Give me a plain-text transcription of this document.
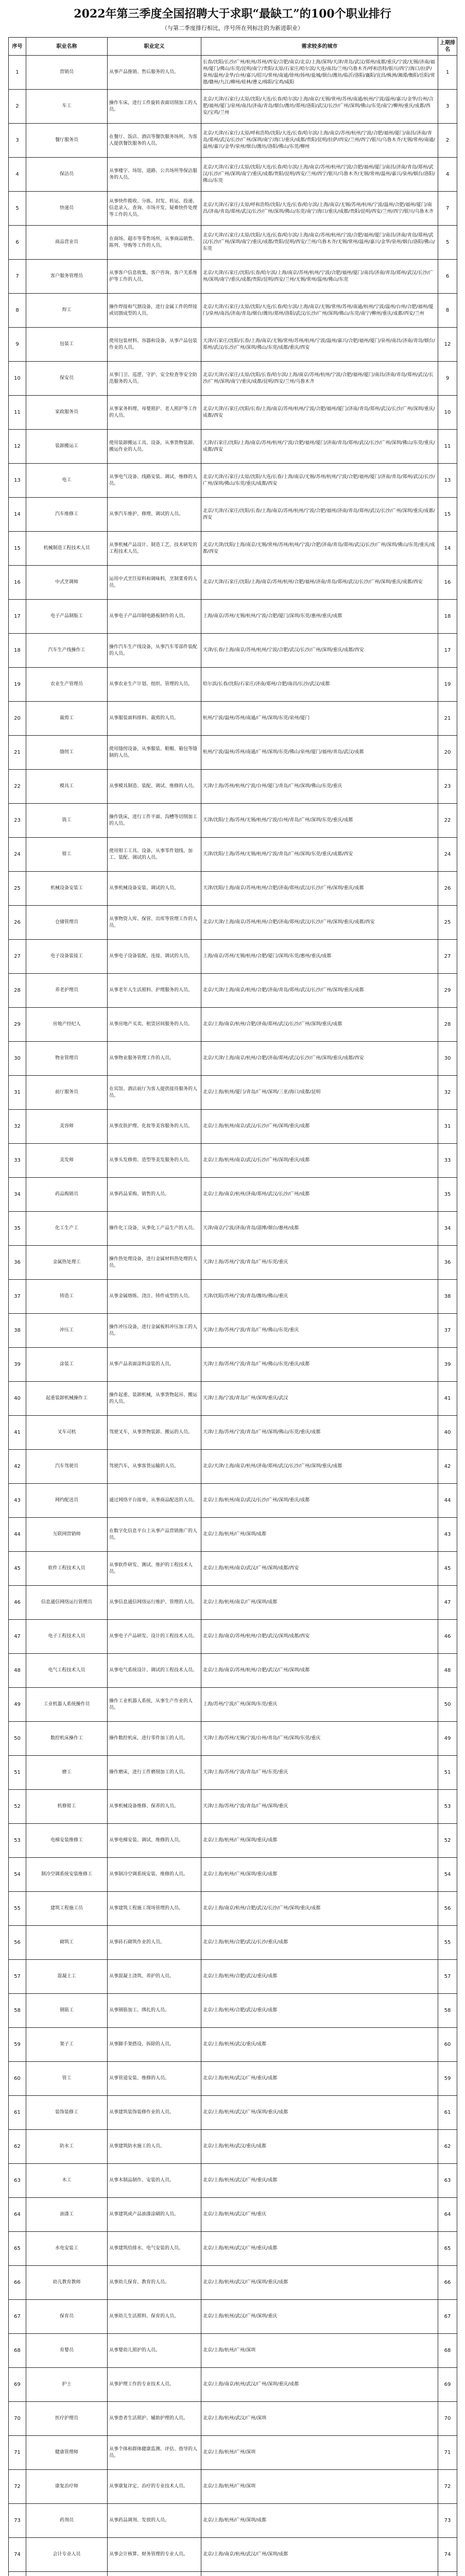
2022年第三季度全国招聘大于求职“最缺工”的100个职业排行
（与第二季度排行相比，序号所在列标注的为新进职业）
序号	职业名称	职业定义	需求较多的城市	上期排名
1	营销员	从事产品推销、售后服务的人员。	长春/沈阳/长沙/广州/杭州/苏州/西安/合肥/南京/北京/上海/深圳/天津/青岛/武汉/郑州/成都/重庆/宁波/无锡/济南/福州/厦门/佛山/东莞/昆明/南宁/贵阳/太原/石家庄/哈尔滨/大连/南昌/兰州/乌鲁木齐/呼和浩特/银川/西宁/海口/拉萨/泉州/温州/金华/台州/嘉兴/绍兴/常州/南通/徐州/扬州/盐城/烟台/潍坊/临沂/洛阳/襄阳/宜昌/株洲/湘潭/衡阳/岳阳/常德/赣州/九江/柳州/桂林/遵义/绵阳/宝鸡/咸阳	1
2	车工	操作车床，进行工件旋转表面切削加工的人员。	北京/天津/石家庄/太原/沈阳/大连/长春/哈尔滨/上海/南京/无锡/常州/苏州/南通/杭州/宁波/温州/嘉兴/金华/台州/合肥/福州/厦门/泉州/南昌/济南/青岛/烟台/潍坊/郑州/洛阳/武汉/长沙/广州/深圳/佛山/东莞/南宁/柳州/重庆/成都/西安/宝鸡/兰州	3
3	餐厅服务员	在餐厅、饭店、酒店等餐饮服务场所，为客人提供餐饮服务的人员。	北京/天津/石家庄/太原/呼和浩特/沈阳/大连/长春/哈尔滨/上海/南京/苏州/杭州/宁波/合肥/福州/厦门/南昌/济南/青岛/郑州/武汉/长沙/广州/深圳/南宁/海口/重庆/成都/贵阳/昆明/拉萨/西安/兰州/西宁/银川/乌鲁木齐/无锡/常州/南通/温州/嘉兴/金华/泉州/烟台/潍坊/洛阳/佛山/东莞/柳州	2
4	保洁员	从事楼宇、场馆、道路、公共场所等保洁服务的人员。	北京/天津/石家庄/太原/沈阳/大连/长春/哈尔滨/上海/南京/苏州/杭州/宁波/合肥/福州/厦门/南昌/济南/青岛/郑州/武汉/长沙/广州/深圳/南宁/重庆/成都/贵阳/昆明/西安/兰州/西宁/银川/乌鲁木齐/无锡/常州/温州/嘉兴/泉州/烟台/洛阳/佛山/东莞	4
5	快递员	从事快件揽收、分拣、封发、转运、投递、信息录入、查询、市场开发、疑难快件处理等工作的人员。	北京/天津/石家庄/太原/呼和浩特/沈阳/大连/长春/哈尔滨/上海/南京/无锡/苏州/杭州/宁波/温州/合肥/福州/厦门/南昌/济南/青岛/郑州/武汉/长沙/广州/深圳/佛山/东莞/南宁/海口/重庆/成都/贵阳/昆明/西安/兰州/西宁/银川/乌鲁木齐	7
6	商品营业员	在商场、超市等零售场所，从事商品销售、陈列、导购等工作的人员。	北京/天津/石家庄/太原/沈阳/大连/长春/哈尔滨/上海/南京/苏州/杭州/宁波/合肥/福州/厦门/南昌/济南/青岛/郑州/武汉/长沙/广州/深圳/南宁/重庆/成都/贵阳/昆明/西安/兰州/乌鲁木齐/无锡/常州/温州/嘉兴/金华/泉州/烟台/洛阳/佛山/东莞	5
7	客户服务管理员	从事客户信息收集、客户咨询、客户关系维护等工作的人员。	北京/天津/石家庄/沈阳/长春/哈尔滨/上海/南京/苏州/杭州/宁波/合肥/福州/厦门/南昌/济南/青岛/郑州/武汉/长沙/广州/深圳/南宁/重庆/成都/贵阳/昆明/西安/兰州/无锡/常州/温州/佛山/东莞	6
8	焊工	操作焊接和气割设备，进行金属工件的焊接或切割成型的人员。	北京/天津/石家庄/太原/沈阳/大连/长春/哈尔滨/上海/南京/无锡/常州/苏州/南通/杭州/宁波/温州/台州/合肥/福州/厦门/泉州/南昌/济南/青岛/烟台/潍坊/郑州/洛阳/武汉/长沙/广州/深圳/佛山/东莞/南宁/柳州/重庆/成都/西安/兰州	8
9	包装工	使用包装材料、容器和设备，从事产品包装作业的人员。	天津/石家庄/沈阳/长春/上海/南京/无锡/常州/苏州/杭州/宁波/温州/嘉兴/合肥/福州/厦门/泉州/南昌/济南/青岛/烟台/郑州/武汉/长沙/广州/深圳/佛山/东莞/成都/重庆/西安	12
10	保安员	从事门卫、巡逻、守护、安全检查等安全防范服务的人员。	北京/天津/石家庄/太原/沈阳/长春/哈尔滨/上海/南京/苏州/杭州/宁波/合肥/福州/厦门/南昌/济南/青岛/郑州/武汉/长沙/广州/深圳/南宁/重庆/成都/昆明/西安/兰州/乌鲁木齐	9
11	家政服务员	从事家务料理、母婴照护、老人照护等工作的人员。	北京/天津/石家庄/沈阳/长春/上海/南京/苏州/杭州/宁波/合肥/福州/厦门/济南/青岛/郑州/武汉/长沙/广州/深圳/重庆/成都/西安	10
12	装卸搬运工	使用装卸搬运工具、设备，从事货物装卸、搬运作业的人员。	天津/石家庄/沈阳/上海/南京/苏州/杭州/宁波/合肥/福州/厦门/济南/青岛/郑州/武汉/长沙/广州/深圳/佛山/东莞/重庆/成都/西安	11
13	电工	从事电气设备、线路安装、调试、维修的人员。	北京/天津/石家庄/太原/沈阳/大连/长春/上海/南京/无锡/苏州/杭州/宁波/合肥/福州/厦门/济南/青岛/郑州/武汉/长沙/广州/深圳/佛山/东莞/重庆/成都/西安	13
14	汽车维修工	从事汽车维护、修理、调试的人员。	北京/天津/石家庄/沈阳/长春/上海/南京/苏州/杭州/宁波/合肥/福州/济南/青岛/郑州/武汉/长沙/广州/深圳/重庆/成都/西安	15
15	机械制造工程技术人员	从事机械产品设计、制造工艺、技术研发的工程技术人员。	北京/天津/沈阳/上海/南京/无锡/常州/苏州/杭州/宁波/合肥/济南/青岛/郑州/武汉/长沙/广州/深圳/佛山/东莞/重庆/成都/西安	14
16	中式烹调师	运用中式烹饪原料和调味料，烹制菜肴的人员。	北京/天津/石家庄/沈阳/上海/南京/苏州/杭州/合肥/福州/济南/青岛/郑州/武汉/长沙/广州/深圳/重庆/成都/西安	16
17	电子产品制版工	从事电子产品印制电路板制作的人员。	上海/南京/苏州/无锡/杭州/宁波/合肥/厦门/深圳/东莞/惠州/重庆/成都	18
18	汽车生产线操作工	操作汽车生产线设备，从事汽车零部件装配的人员。	天津/长春/上海/南京/苏州/杭州/宁波/合肥/武汉/长沙/广州/深圳/重庆/成都/西安	17
19	农业生产管理员	从事农业生产计划、组织、管理的人员。	哈尔滨/长春/沈阳/石家庄/济南/郑州/合肥/南昌/长沙/武汉/成都	19
20	裁剪工	从事服装面料排料、裁剪的人员。	杭州/宁波/温州/苏州/南通/广州/深圳/东莞/泉州/厦门	21
21	缝纫工	使用缝纫设备，从事服装、鞋帽、箱包等缝制的人员。	杭州/宁波/温州/苏州/南通/广州/深圳/东莞/佛山/泉州/厦门/福州/青岛/武汉/成都	20
22	模具工	从事模具制造、装配、调试、维修的人员。	天津/上海/苏州/杭州/宁波/台州/厦门/青岛/广州/深圳/佛山/东莞/重庆	23
23	铣工	操作铣床，进行工件平面、沟槽等切削加工的人员。	天津/沈阳/上海/苏州/无锡/杭州/宁波/台州/青岛/广州/深圳/东莞/重庆/成都	22
24	钳工	使用钳工工具、设备，从事零件划线、加工、装配、调试的人员。	天津/沈阳/上海/苏州/无锡/杭州/宁波/青岛/广州/深圳/东莞/重庆/成都/西安	24
25	机械设备安装工	从事机械设备安装、调试的人员。	天津/沈阳/上海/南京/苏州/杭州/合肥/济南/郑州/武汉/长沙/广州/深圳/重庆/成都	26
26	仓储管理员	从事物资入库、保管、出库等管理工作的人员。	北京/天津/上海/南京/苏州/杭州/合肥/济南/郑州/武汉/长沙/广州/深圳/重庆/成都/西安	25
27	电子设备装接工	从事电子设备装配、连接、调试的人员。	上海/南京/苏州/无锡/杭州/合肥/厦门/深圳/东莞/惠州/重庆/成都	27
28	养老护理员	从事老年人生活照料、护理服务的人员。	北京/天津/上海/南京/杭州/合肥/济南/青岛/郑州/武汉/长沙/广州/深圳/重庆/成都	29
29	房地产经纪人	从事房地产买卖、租赁居间服务的人员。	北京/上海/南京/杭州/合肥/济南/郑州/武汉/长沙/广州/深圳/重庆/成都	28
30	物业管理员	从事物业服务管理工作的人员。	北京/天津/上海/南京/杭州/合肥/济南/郑州/武汉/长沙/广州/深圳/重庆/成都/西安	30
31	前厅服务员	在宾馆、酒店前厅为客人提供接待服务的人员。	北京/上海/杭州/厦门/青岛/广州/深圳/三亚/海口/成都/昆明	32
32	美容师	从事皮肤护理、化妆等美容服务的人员。	北京/上海/杭州/南京/武汉/长沙/广州/深圳/重庆/成都	31
33	美发师	从事头发修剪、造型等美发服务的人员。	北京/上海/杭州/南京/武汉/长沙/广州/深圳/重庆/成都	33
34	药品购销员	从事药品采购、销售的人员。	北京/上海/南京/杭州/济南/郑州/武汉/长沙/广州/成都	35
35	化工生产工	操作化工设备，从事化工产品生产的人员。	天津/南京/宁波/济南/青岛/淄博/烟台/惠州/成都	34
36	金属热处理工	操作热处理设备，进行金属材料热处理的人员。	天津/上海/苏州/宁波/青岛/广州/东莞/重庆	36
37	铸造工	从事金属熔炼、浇注、铸件成型的人员。	天津/沈阳/苏州/宁波/青岛/潍坊/佛山/重庆	38
38	冲压工	操作冲压设备，进行金属板料冲压加工的人员。	天津/上海/苏州/宁波/青岛/广州/佛山/东莞/重庆	37
39	涂装工	从事产品表面涂料涂装的人员。	天津/上海/苏州/宁波/青岛/广州/佛山/东莞/重庆/成都	39
40	起重装卸机械操作工	操作起重、装卸机械，从事货物起吊、搬运的人员。	天津/上海/宁波/青岛/广州/深圳/重庆/武汉	41
41	叉车司机	驾驶叉车，从事货物装卸、搬运的人员。	天津/上海/苏州/宁波/青岛/广州/深圳/佛山/东莞/重庆/成都	40
42	汽车驾驶员	驾驶汽车，从事客货运输的人员。	北京/天津/上海/南京/杭州/济南/郑州/武汉/长沙/广州/深圳/重庆/成都	42
43	网约配送员	通过网络平台接单，从事商品配送的人员。	北京/上海/杭州/南京/武汉/长沙/广州/深圳/重庆/成都	44
44	互联网营销师	在数字化信息平台上从事产品营销推广的人员。	北京/上海/杭州/广州/深圳/成都	43
45	软件工程技术人员	从事软件研发、测试、维护的工程技术人员。	北京/上海/杭州/南京/武汉/广州/深圳/成都/西安	45
46	信息通信网络运行管理员	从事信息通信网络运行维护、管理的人员。	北京/上海/杭州/南京/广州/深圳/成都	47
47	电子工程技术人员	从事电子产品研发、设计的工程技术人员。	北京/上海/南京/苏州/杭州/合肥/武汉/深圳/成都/西安	46
48	电气工程技术人员	从事电气系统设计、调试的工程技术人员。	北京/上海/南京/苏州/杭州/合肥/武汉/广州/深圳/成都	48
49	工业机器人系统操作员	操作工业机器人系统，从事生产作业的人员。	上海/苏州/宁波/广州/深圳/东莞/重庆	50
50	数控机床操作工	操作数控机床，进行零件加工的人员。	天津/上海/苏州/无锡/宁波/台州/青岛/广州/深圳/东莞/重庆	49
51	磨工	操作磨床，进行工件磨削加工的人员。	天津/上海/苏州/宁波/青岛/广州/东莞/重庆	51
52	机修钳工	从事机械设备维修、保养的人员。	天津/上海/苏州/宁波/青岛/广州/深圳/重庆	53
53	电梯安装维修工	从事电梯安装、调试、维修的人员。	北京/上海/杭州/广州/深圳/重庆/成都	52
54	制冷空调系统安装维修工	从事制冷空调系统安装、维修的人员。	北京/上海/杭州/广州/深圳/重庆/成都	54
55	建筑工程施工员	从事建筑工程施工现场管理的人员。	北京/上海/南京/杭州/合肥/武汉/长沙/广州/深圳/重庆/成都	56
56	砌筑工	从事砖石砌筑作业的人员。	北京/上海/杭州/合肥/武汉/长沙/重庆/成都	55
57	混凝土工	从事混凝土浇筑、养护的人员。	北京/上海/杭州/合肥/武汉/重庆/成都	57
58	钢筋工	从事钢筋加工、绑扎的人员。	北京/上海/杭州/合肥/武汉/重庆/成都	58
59	架子工	从事脚手架搭设、拆除的人员。	北京/上海/杭州/武汉/重庆/成都	60
60	管工	从事管道安装、维修的人员。	北京/上海/杭州/武汉/广州/重庆/成都	59
61	装饰装修工	从事建筑装饰装修作业的人员。	北京/上海/杭州/武汉/广州/深圳/重庆/成都	61
62	防水工	从事建筑防水施工的人员。	北京/上海/杭州/武汉/重庆/成都	62
63	木工	从事木制品制作、安装的人员。	北京/上海/杭州/武汉/广州/重庆/成都	63
64	油漆工	从事建筑或产品油漆涂刷的人员。	北京/上海/杭州/武汉/广州/重庆	64
65	水电安装工	从事建筑给排水、电气安装的人员。	北京/上海/杭州/武汉/广州/重庆/成都	65
66	幼儿教育教师	从事幼儿保育、教育的人员。	北京/上海/杭州/武汉/广州/深圳/重庆/成都	66
67	保育员	从事幼儿生活照料、保育的人员。	北京/上海/杭州/武汉/广州/深圳/重庆	67
68	育婴员	从事婴幼儿照护的人员。	北京/上海/杭州/广州/深圳	68
69	护士	从事护理工作的专业技术人员。	北京/上海/南京/杭州/武汉/广州/深圳/重庆/成都	69
70	医疗护理员	从事患者生活照护、辅助护理的人员。	北京/上海/杭州/武汉/广州/深圳	70
71	健康管理师	从事个体和群体健康监测、评估、指导的人员。	北京/上海/杭州/广州/深圳	71
72	康复治疗师	从事康复评定、治疗的专业技术人员。	北京/上海/杭州/广州/深圳	72
73	药剂员	从事药品调剂、发放的人员。	北京/上海/杭州/广州/深圳/成都	73
74	会计专业人员	从事会计核算、财务管理的专业人员。	北京/上海/南京/杭州/武汉/广州/深圳/成都	74
